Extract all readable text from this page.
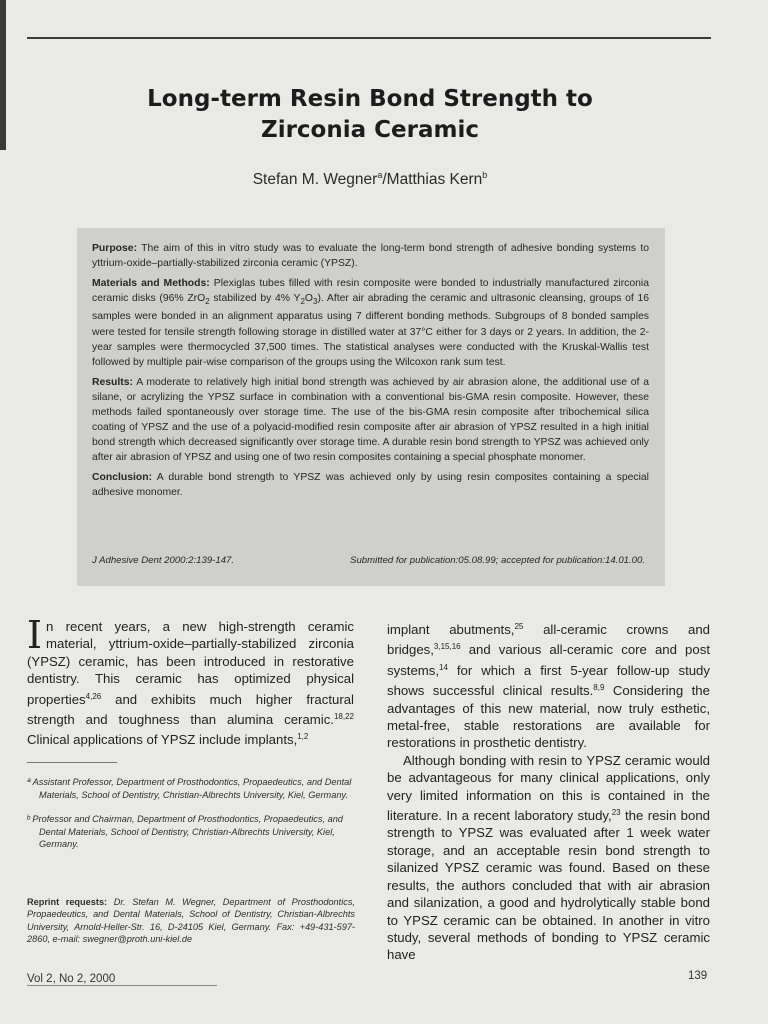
Long-term Resin Bond Strength to
Zirconia Ceramic
Stefan M. Wegner$^a$/Matthias Kern$^b$

Purpose: The aim of this in vitro study was to evaluate the long-term bond strength of adhesive bonding systems to yttrium-oxide–partially-stabilized zirconia ceramic (YPSZ).

Materials and Methods: Plexiglas tubes filled with resin composite were bonded to industrially manufactured zirconia ceramic disks (96% ZrO$_2$ stabilized by 4% $Y_2O_3$). After air abrading the ceramic and ultrasonic cleansing, groups of 16 samples were bonded in an alignment apparatus using 7 different bonding methods. Subgroups of 8 bonded samples were tested for tensile strength following storage in distilled water at 37°C either for 3 days or 2 years. In addition, the 2-year samples were thermocycled 37,500 times. The statistical analyses were conducted with the Kruskal-Wallis test followed by multiple pair-wise comparison of the groups using the Wilcoxon rank sum test.

Results: A moderate to relatively high initial bond strength was achieved by air abrasion alone, the additional use of a silane, or acrylizing the YPSZ surface in combination with a conventional bis-GMA resin composite. However, these methods failed spontaneously over storage time. The use of the bis-GMA resin composite after tribochemical silica coating of YPSZ and the use of a polyacid-modified resin composite after air abrasion of YPSZ resulted in a high initial bond strength which decreased significantly over storage time. A durable resin bond strength to YPSZ was achieved only after air abrasion of YPSZ and using one of two resin composites containing a special phosphate monomer.

Conclusion: A durable bond strength to YPSZ was achieved only by using resin composites containing a special adhesive monomer.

J Adhesive Dent 2000:2:139-147.	Submitted for publication:05.08.99; accepted for publication:14.01.00.

In recent years, a new high-strength ceramic material, yttrium-oxide–partially-stabilized zirconia (YPSZ) ceramic, has been introduced in restorative dentistry. This ceramic has optimized physical properties$^{4,26}$ and exhibits much higher fractural strength and toughness than alumina ceramic.$^{18,22}$ Clinical applications of YPSZ include implants,$^{1,2}$

implant abutments,$^{25}$ all-ceramic crowns and bridges,$^{3,15,16}$ and various all-ceramic core and post systems,$^{14}$ for which a first 5-year follow-up study shows successful clinical results.$^{8,9}$ Considering the advantages of this new material, now truly esthetic, metal-free, stable restorations are available for restorations in prosthetic dentistry.

Although bonding with resin to YPSZ ceramic would be advantageous for many clinical applications, only very limited information on this is contained in the literature. In a recent laboratory study,$^{23}$ the resin bond strength to YPSZ was evaluated after 1 week water storage, and an acceptable resin bond strength to silanized YPSZ ceramic was found. Based on these results, the authors concluded that with air abrasion and silanization, a good and hydrolytically stable bond to YPSZ ceramic can be obtained. In another in vitro study, several methods of bonding to YPSZ ceramic have

ª Assistant Professor, Department of Prosthodontics, Propaedeutics, and Dental Materials, School of Dentistry, Christian-Albrechts University, Kiel, Germany.

ᵇ Professor and Chairman, Department of Prosthodontics, Propaedeutics, and Dental Materials, School of Dentistry, Christian-Albrechts University, Kiel, Germany.

Reprint requests: Dr. Stefan M. Wegner, Department of Prosthodontics, Propaedeutics, and Dental Materials, School of Dentistry, Christian-Albrechts University, Arnold-Heller-Str. 16, D-24105 Kiel, Germany. Fax: +49-431-597-2860, e-mail: swegner@proth.uni-kiel.de
Vol 2, No 2, 2000	139
